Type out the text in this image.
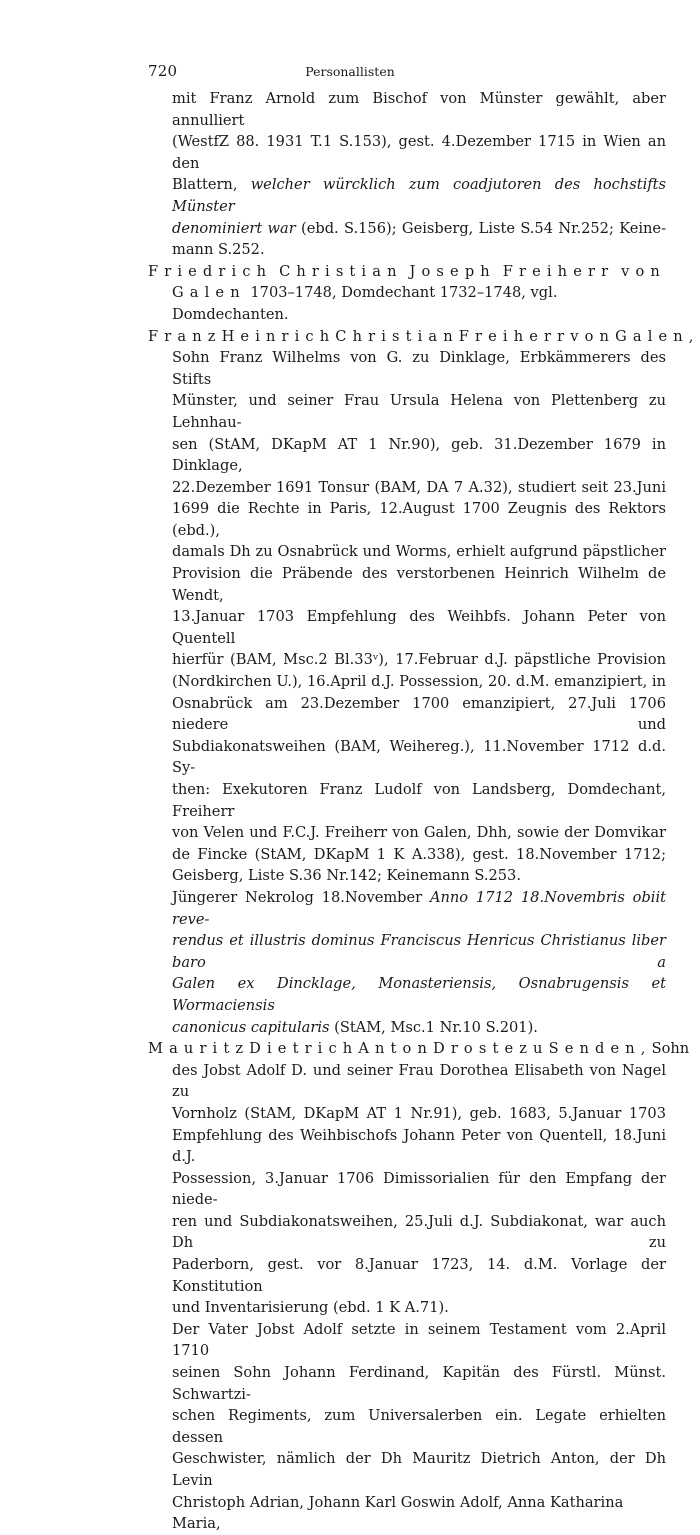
720	Personallisten
mit Franz Arnold zum Bischof von Münster gewählt, aber annulliert
(WestfZ 88. 1931 T.1 S.153), gest. 4.Dezember 1715 in Wien an den
Blattern, welcher würcklich zum coadjutoren des hochstifts Münster
denominiert war (ebd. S.156); Geisberg, Liste S.54 Nr.252; Keine-
mann S.252.
Friedrich Christian Joseph Freiherr von
Galen 1703–1748, Domdechant 1732–1748, vgl. Domdechanten.
Franz Heinrich Christian Freiherr von Galen,
Sohn Franz Wilhelms von G. zu Dinklage, Erbkämmerers des Stifts
Münster, und seiner Frau Ursula Helena von Plettenberg zu Lehnhau-
sen (StAM, DKapM AT 1 Nr.90), geb. 31.Dezember 1679 in Dinklage,
22.Dezember 1691 Tonsur (BAM, DA 7 A.32), studiert seit 23.Juni
1699 die Rechte in Paris, 12.August 1700 Zeugnis des Rektors (ebd.),
damals Dh zu Osnabrück und Worms, erhielt aufgrund päpstlicher
Provision die Präbende des verstorbenen Heinrich Wilhelm de Wendt,
13.Januar 1703 Empfehlung des Weihbfs. Johann Peter von Quentell
hierfür (BAM, Msc.2 Bl.33ᵛ), 17.Februar d.J. päpstliche Provision
(Nordkirchen U.), 16.April d.J. Possession, 20. d.M. emanzipiert, in
Osnabrück am 23.Dezember 1700 emanzipiert, 27.Juli 1706 niedere und
Subdiakonatsweihen (BAM, Weihereg.), 11.November 1712 d.d. Sy-
then: Exekutoren Franz Ludolf von Landsberg, Domdechant, Freiherr
von Velen und F.C.J. Freiherr von Galen, Dhh, sowie der Domvikar
de Fincke (StAM, DKapM 1 K A.338), gest. 18.November 1712;
Geisberg, Liste S.36 Nr.142; Keinemann S.253.
Jüngerer Nekrolog 18.November Anno 1712 18.Novembris obiit reve-
rendus et illustris dominus Franciscus Henricus Christianus liber baro a
Galen ex Dincklage, Monasteriensis, Osnabrugensis et Wormaciensis
canonicus capitularis (StAM, Msc.1 Nr.10 S.201).
Mauritz Dietrich Anton Droste zu Senden, Sohn
des Jobst Adolf D. und seiner Frau Dorothea Elisabeth von Nagel zu
Vornholz (StAM, DKapM AT 1 Nr.91), geb. 1683, 5.Januar 1703
Empfehlung des Weihbischofs Johann Peter von Quentell, 18.Juni d.J.
Possession, 3.Januar 1706 Dimissorialien für den Empfang der niede-
ren und Subdiakonatsweihen, 25.Juli d.J. Subdiakonat, war auch Dh zu
Paderborn, gest. vor 8.Januar 1723, 14. d.M. Vorlage der Konstitution
und Inventarisierung (ebd. 1 K A.71).
Der Vater Jobst Adolf setzte in seinem Testament vom 2.April 1710
seinen Sohn Johann Ferdinand, Kapitän des Fürstl. Münst. Schwartzi-
schen Regiments, zum Universalerben ein. Legate erhielten dessen
Geschwister, nämlich der Dh Mauritz Dietrich Anton, der Dh Levin
Christoph Adrian, Johann Karl Goswin Adolf, Anna Katharina Maria,
